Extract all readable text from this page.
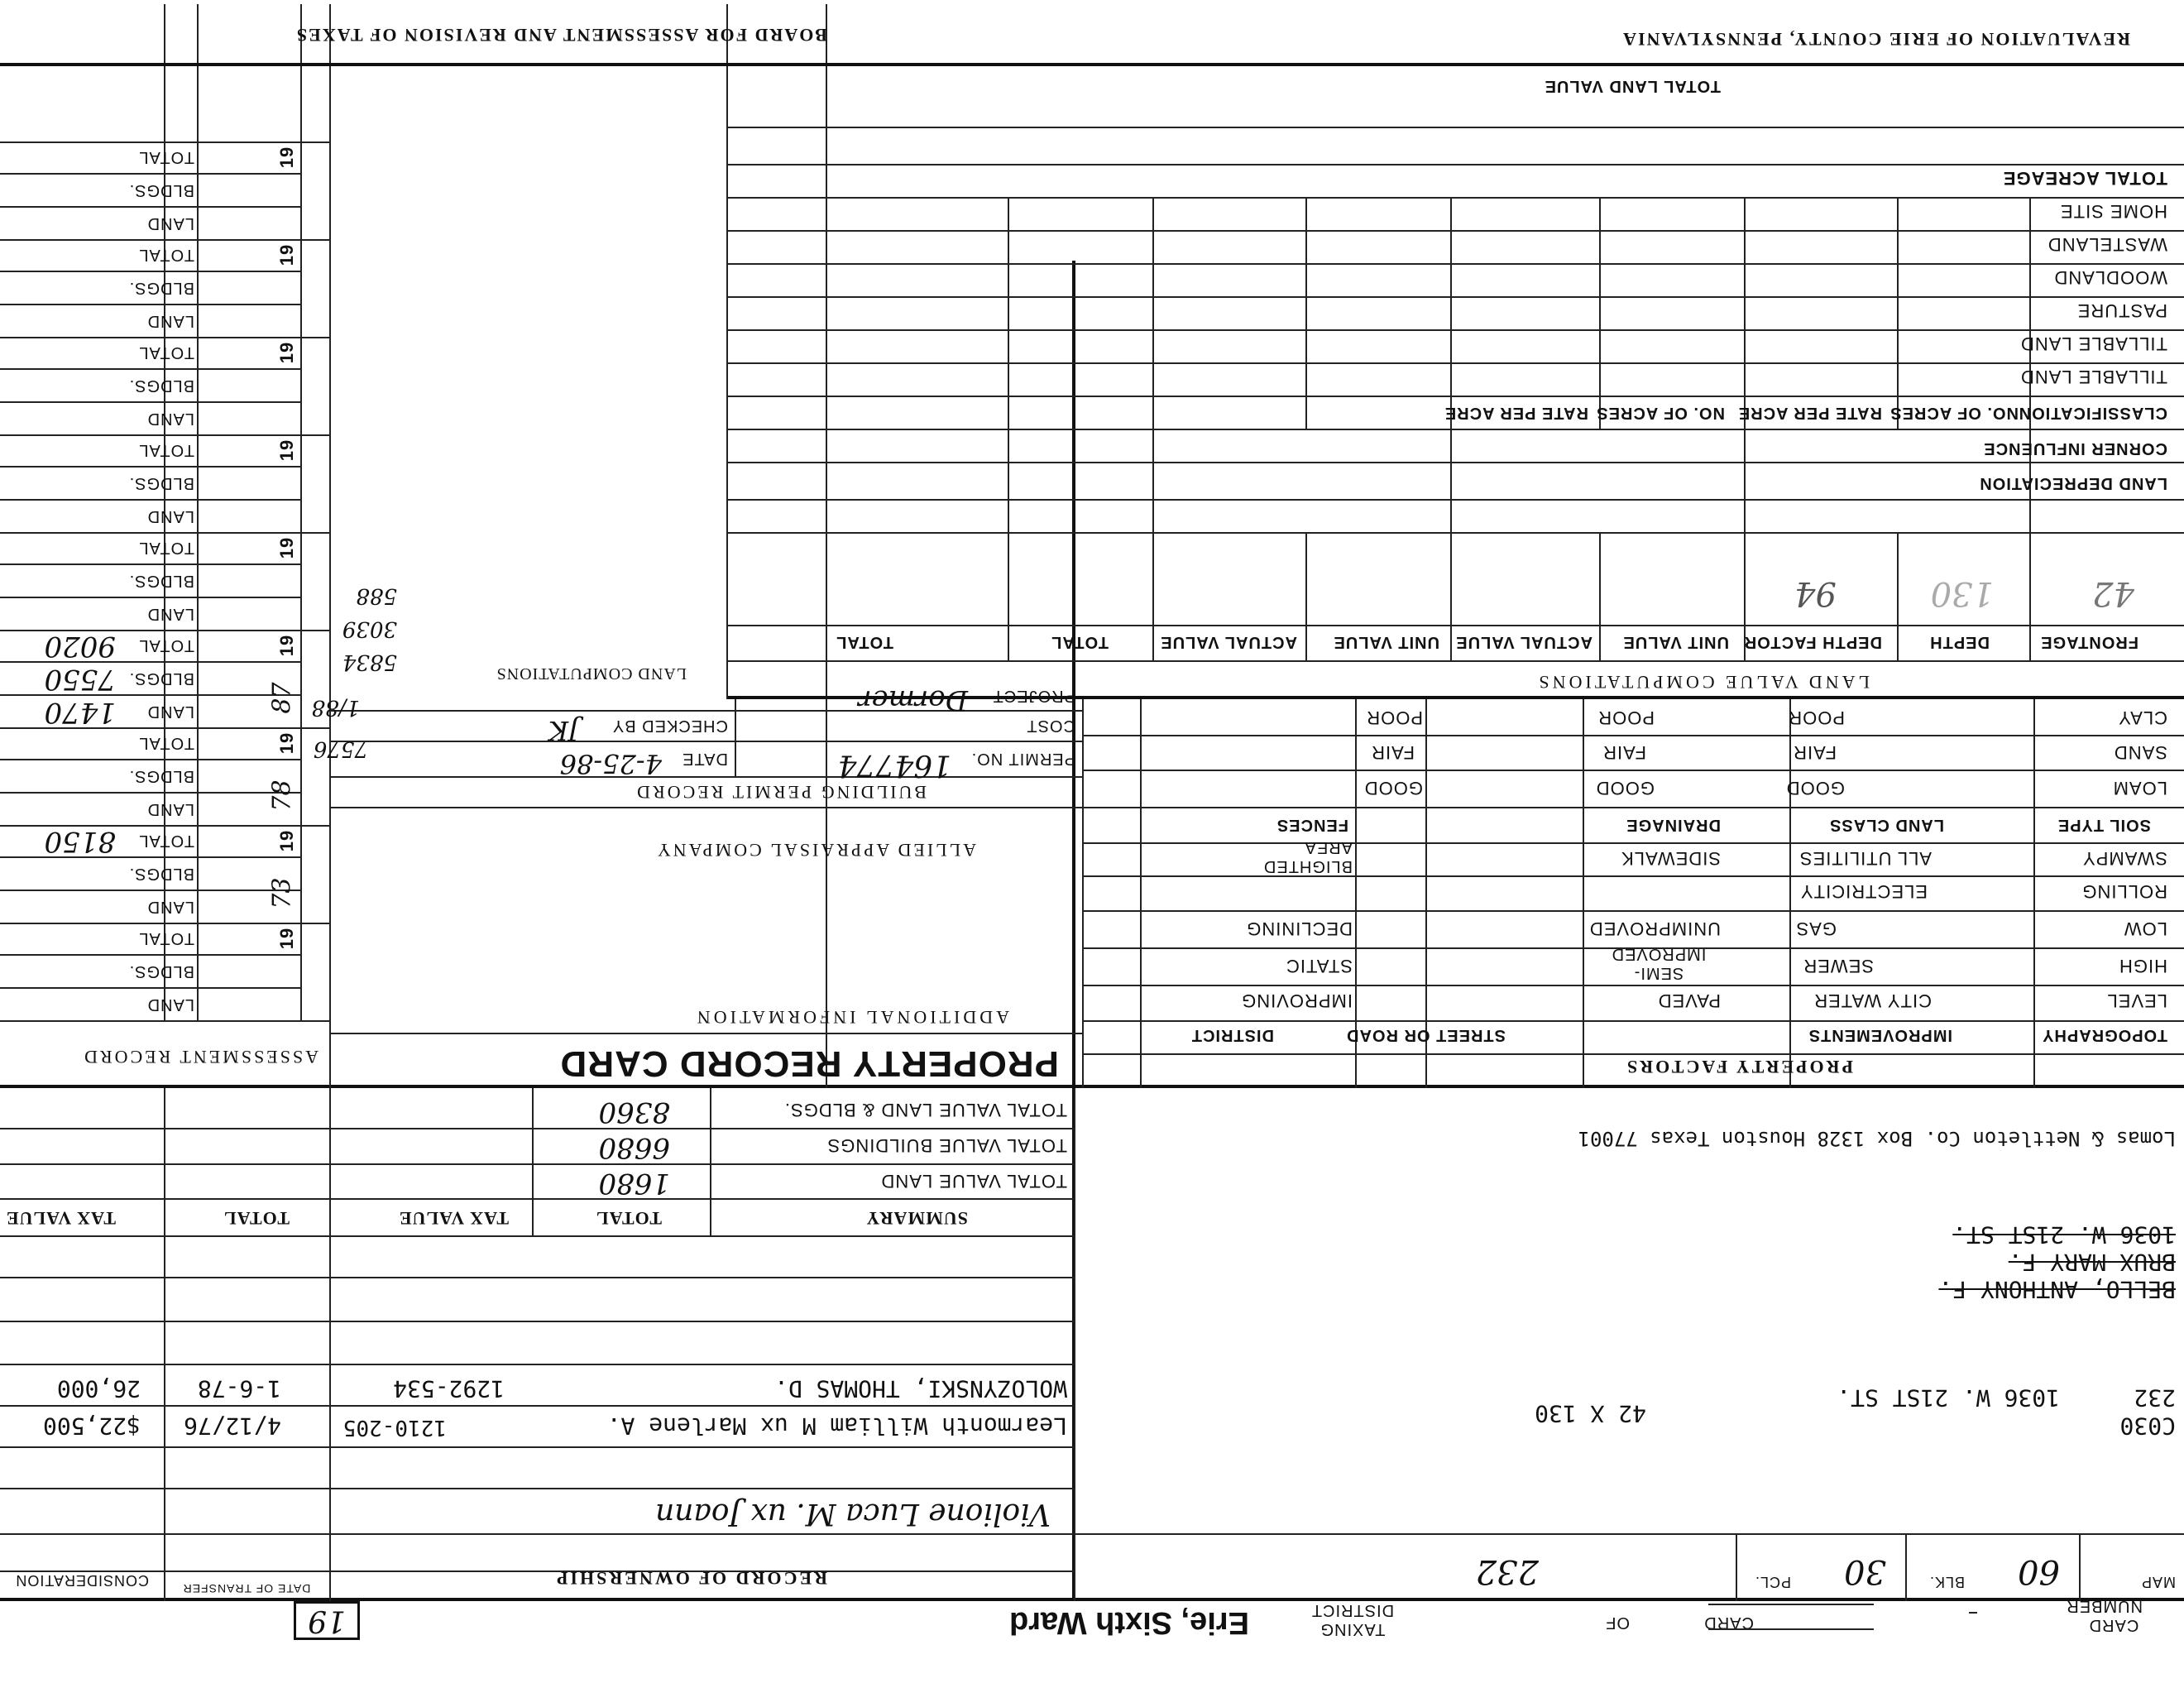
CARD NUMBER
CARD
OF
TAXING DISTRICT
Erie, Sixth Ward
19
MAP
60
BLK.
30
PCL.
232
C030
232
1036 W. 21ST ST.
42 X 130
BELLO, ANTHONY F.
BRUX MARY F.
1036 W. 21ST ST.
Lomas & Nettleton Co. Box 1328 Houston Texas 77001
RECORD OF OWNERSHIP
DATE OF TRANSFER
CONSIDERATION
Violione Luca M. ux Joann
Learmonth William M ux Marlene A.
1210-205
4/12/76
$22,500
WOLOZYNSKI, THOMAS D.
1292-534
1-6-78
26,000
SUMMARY
TOTAL
TAX VALUE
TOTAL
TAX VALUE
TOTAL VALUE LAND
1680
TOTAL VALUE BUILDINGS
6680
TOTAL VALUE LAND & BLDGS.
8360
PROPERTY FACTORS
TOPOGRAPHY
IMPROVEMENTS
STREET OR ROAD
DISTRICT
LEVEL
HIGH
LOW
ROLLING
SWAMPY
CITY WATER
SEWER
GAS
ELECTRICITY
ALL UTILITIES
PAVED
SEMI-IMPROVED
UNIMPROVED
SIDEWALK
IMPROVING
STATIC
DECLINING
BLIGHTED AREA
SOIL TYPE
LAND CLASS
DRAINAGE
FENCES
LOAM
SAND
CLAY
GOOD
FAIR
POOR
GOOD
FAIR
POOR
GOOD
FAIR
POOR
PROPERTY RECORD CARD
ADDITIONAL INFORMATION
ALLIED APPRAISAL COMPANY
BUILDING PERMIT RECORD
PERMIT NO.
164774
DATE
4-25-86
COST
CHECKED BY
JK
PROJECT
Dormer
LAND VALUE COMPUTATIONS
LAND COMPUTATIONS
FRONTAGE
DEPTH
DEPTH FACTOR
UNIT VALUE
ACTUAL VALUE
UNIT VALUE
ACTUAL VALUE
TOTAL
TOTAL
42
130
94
LAND DEPRECIATION
CORNER INFLUENCE
CLASSIFICATION
NO. OF ACRES
RATE PER ACRE
NO. OF ACRES
RATE PER ACRE
TILLABLE LAND
TILLABLE LAND
PASTURE
WOODLAND
WASTELAND
HOME SITE
TOTAL ACREAGE
TOTAL LAND VALUE
ASSESSMENT RECORD
REVALUATION OF ERIE COUNTY, PENNSYLVANIA
BOARD FOR ASSESSMENT AND REVISION OF TAXES
19
LAND
BLDGS.
TOTAL
19
LAND
BLDGS.
TOTAL
73
8150
19
LAND
BLDGS.
TOTAL
78
19
LAND
BLDGS.
TOTAL
87
1470
7550
9020
19
LAND
BLDGS.
TOTAL
19
LAND
BLDGS.
TOTAL
19
LAND
BLDGS.
TOTAL
19
LAND
BLDGS.
TOTAL
19
LAND
BLDGS.
TOTAL
7576
1/88
5834
3039
588
